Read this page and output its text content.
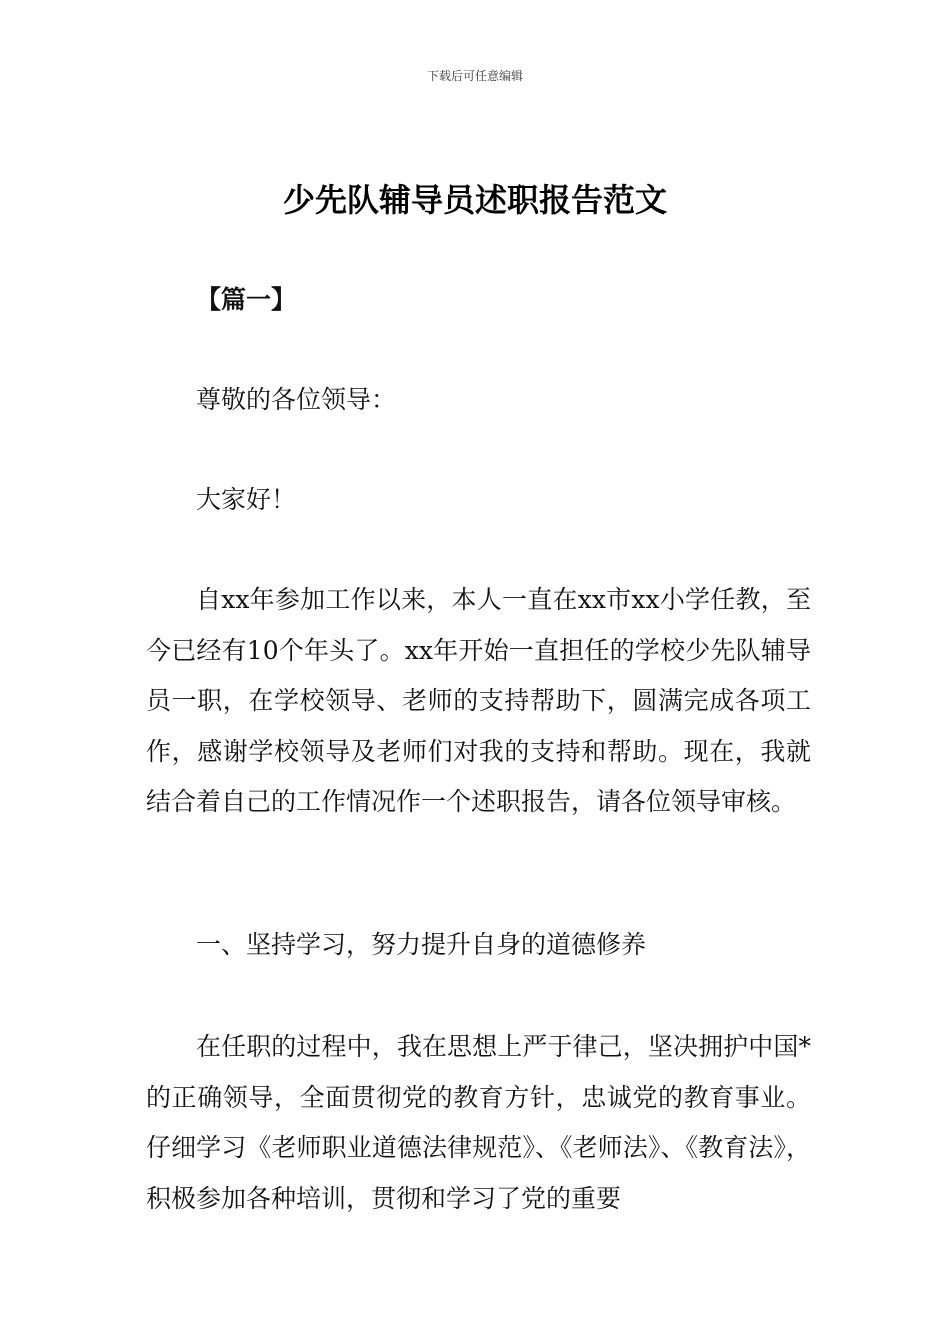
下载后可任意编辑
少先队辅导员述职报告范文
【篇一】
尊敬的各位领导：
大家好！

自xx年参加工作以来，本人一直在xx市xx小学任教，至今已经有10个年头了。xx年开始一直担任的学校少先队辅导员一职，在学校领导、老师的支持帮助下，圆满完成各项工作，感谢学校领导及老师们对我的支持和帮助。现在，我就结合着自己的工作情况作一个述职报告，请各位领导审核。

一、坚持学习，努力提升自身的道德修养

在任职的过程中，我在思想上严于律己，坚决拥护中国*的正确领导，全面贯彻党的教育方针，忠诚党的教育事业。仔细学习《老师职业道德法律规范》、《老师法》、《教育法》，积极参加各种培训，贯彻和学习了党的重要
